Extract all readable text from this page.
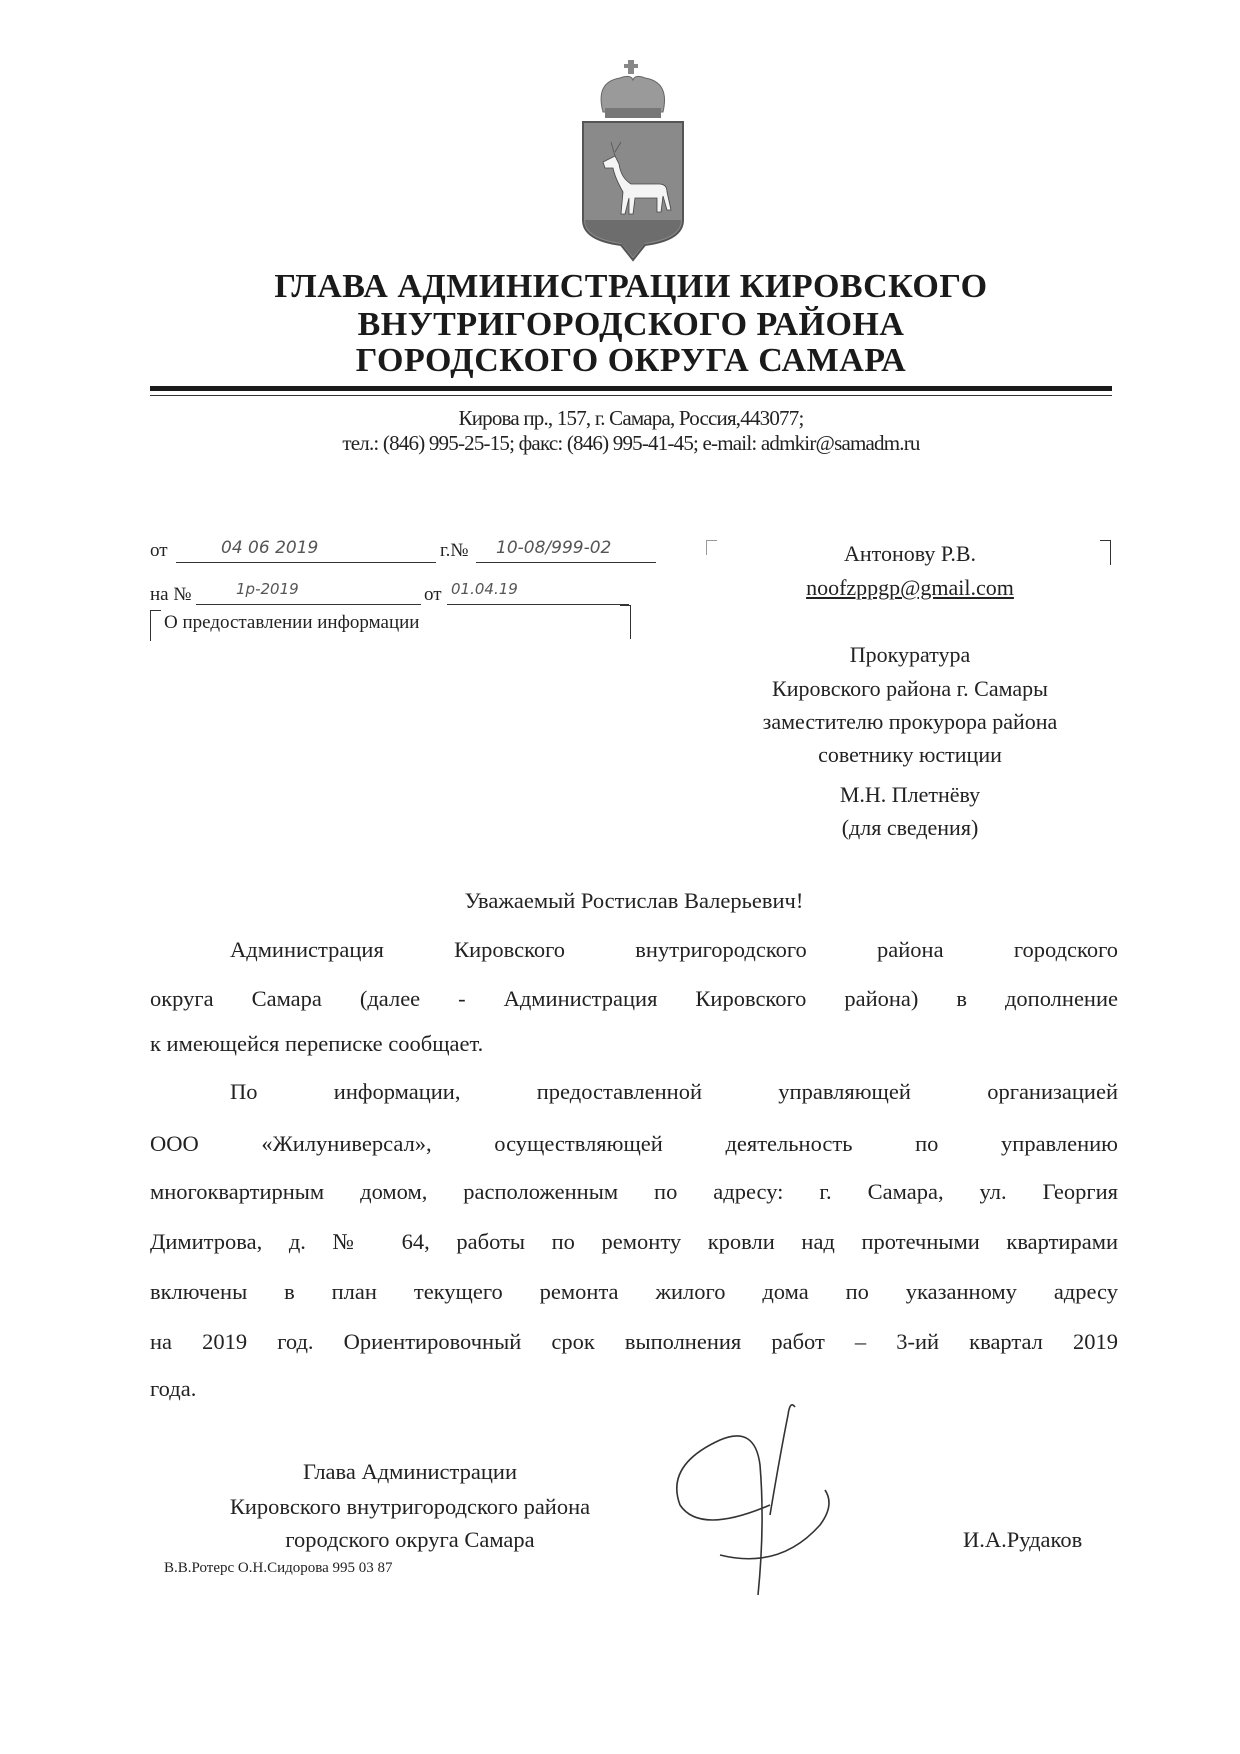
ГЛАВА АДМИНИСТРАЦИИ КИРОВСКОГО
ВНУТРИГОРОДСКОГО РАЙОНА
ГОРОДСКОГО ОКРУГА САМАРА
Кирова пр., 157, г. Самара, Россия,443077;
тел.: (846) 995-25-15; факс: (846) 995-41-45; e-mail: admkir@samadm.ru
от	04 06 2019	г.№	10-08/999-02
на №	1р-2019	от 01.04.19
О предоставлении информации
Антонову Р.В.
noofzppgp@gmail.com
Прокуратура
Кировского района г. Самары
заместителю прокурора района
советнику юстиции
М.Н. Плетнёву
(для сведения)
Уважаемый Ростислав Валерьевич!
Администрация Кировского внутригородского района городского
округа Самара (далее - Администрация Кировского района) в дополнение
к имеющейся переписке сообщает.
По информации, предоставленной управляющей организацией
ООО «Жилуниверсал», осуществляющей деятельность по управлению
многоквартирным домом, расположенным по адресу: г. Самара, ул. Георгия
Димитрова, д. № 64, работы по ремонту кровли над протечными квартирами
включены в план текущего ремонта жилого дома по указанному адресу
на 2019 год. Ориентировочный срок выполнения работ – 3-ий квартал 2019
года.
Глава Администрации
Кировского внутригородского района
городского округа Самара
В.В.Ротерс О.Н.Сидорова 995 03 87
И.А.Рудаков
